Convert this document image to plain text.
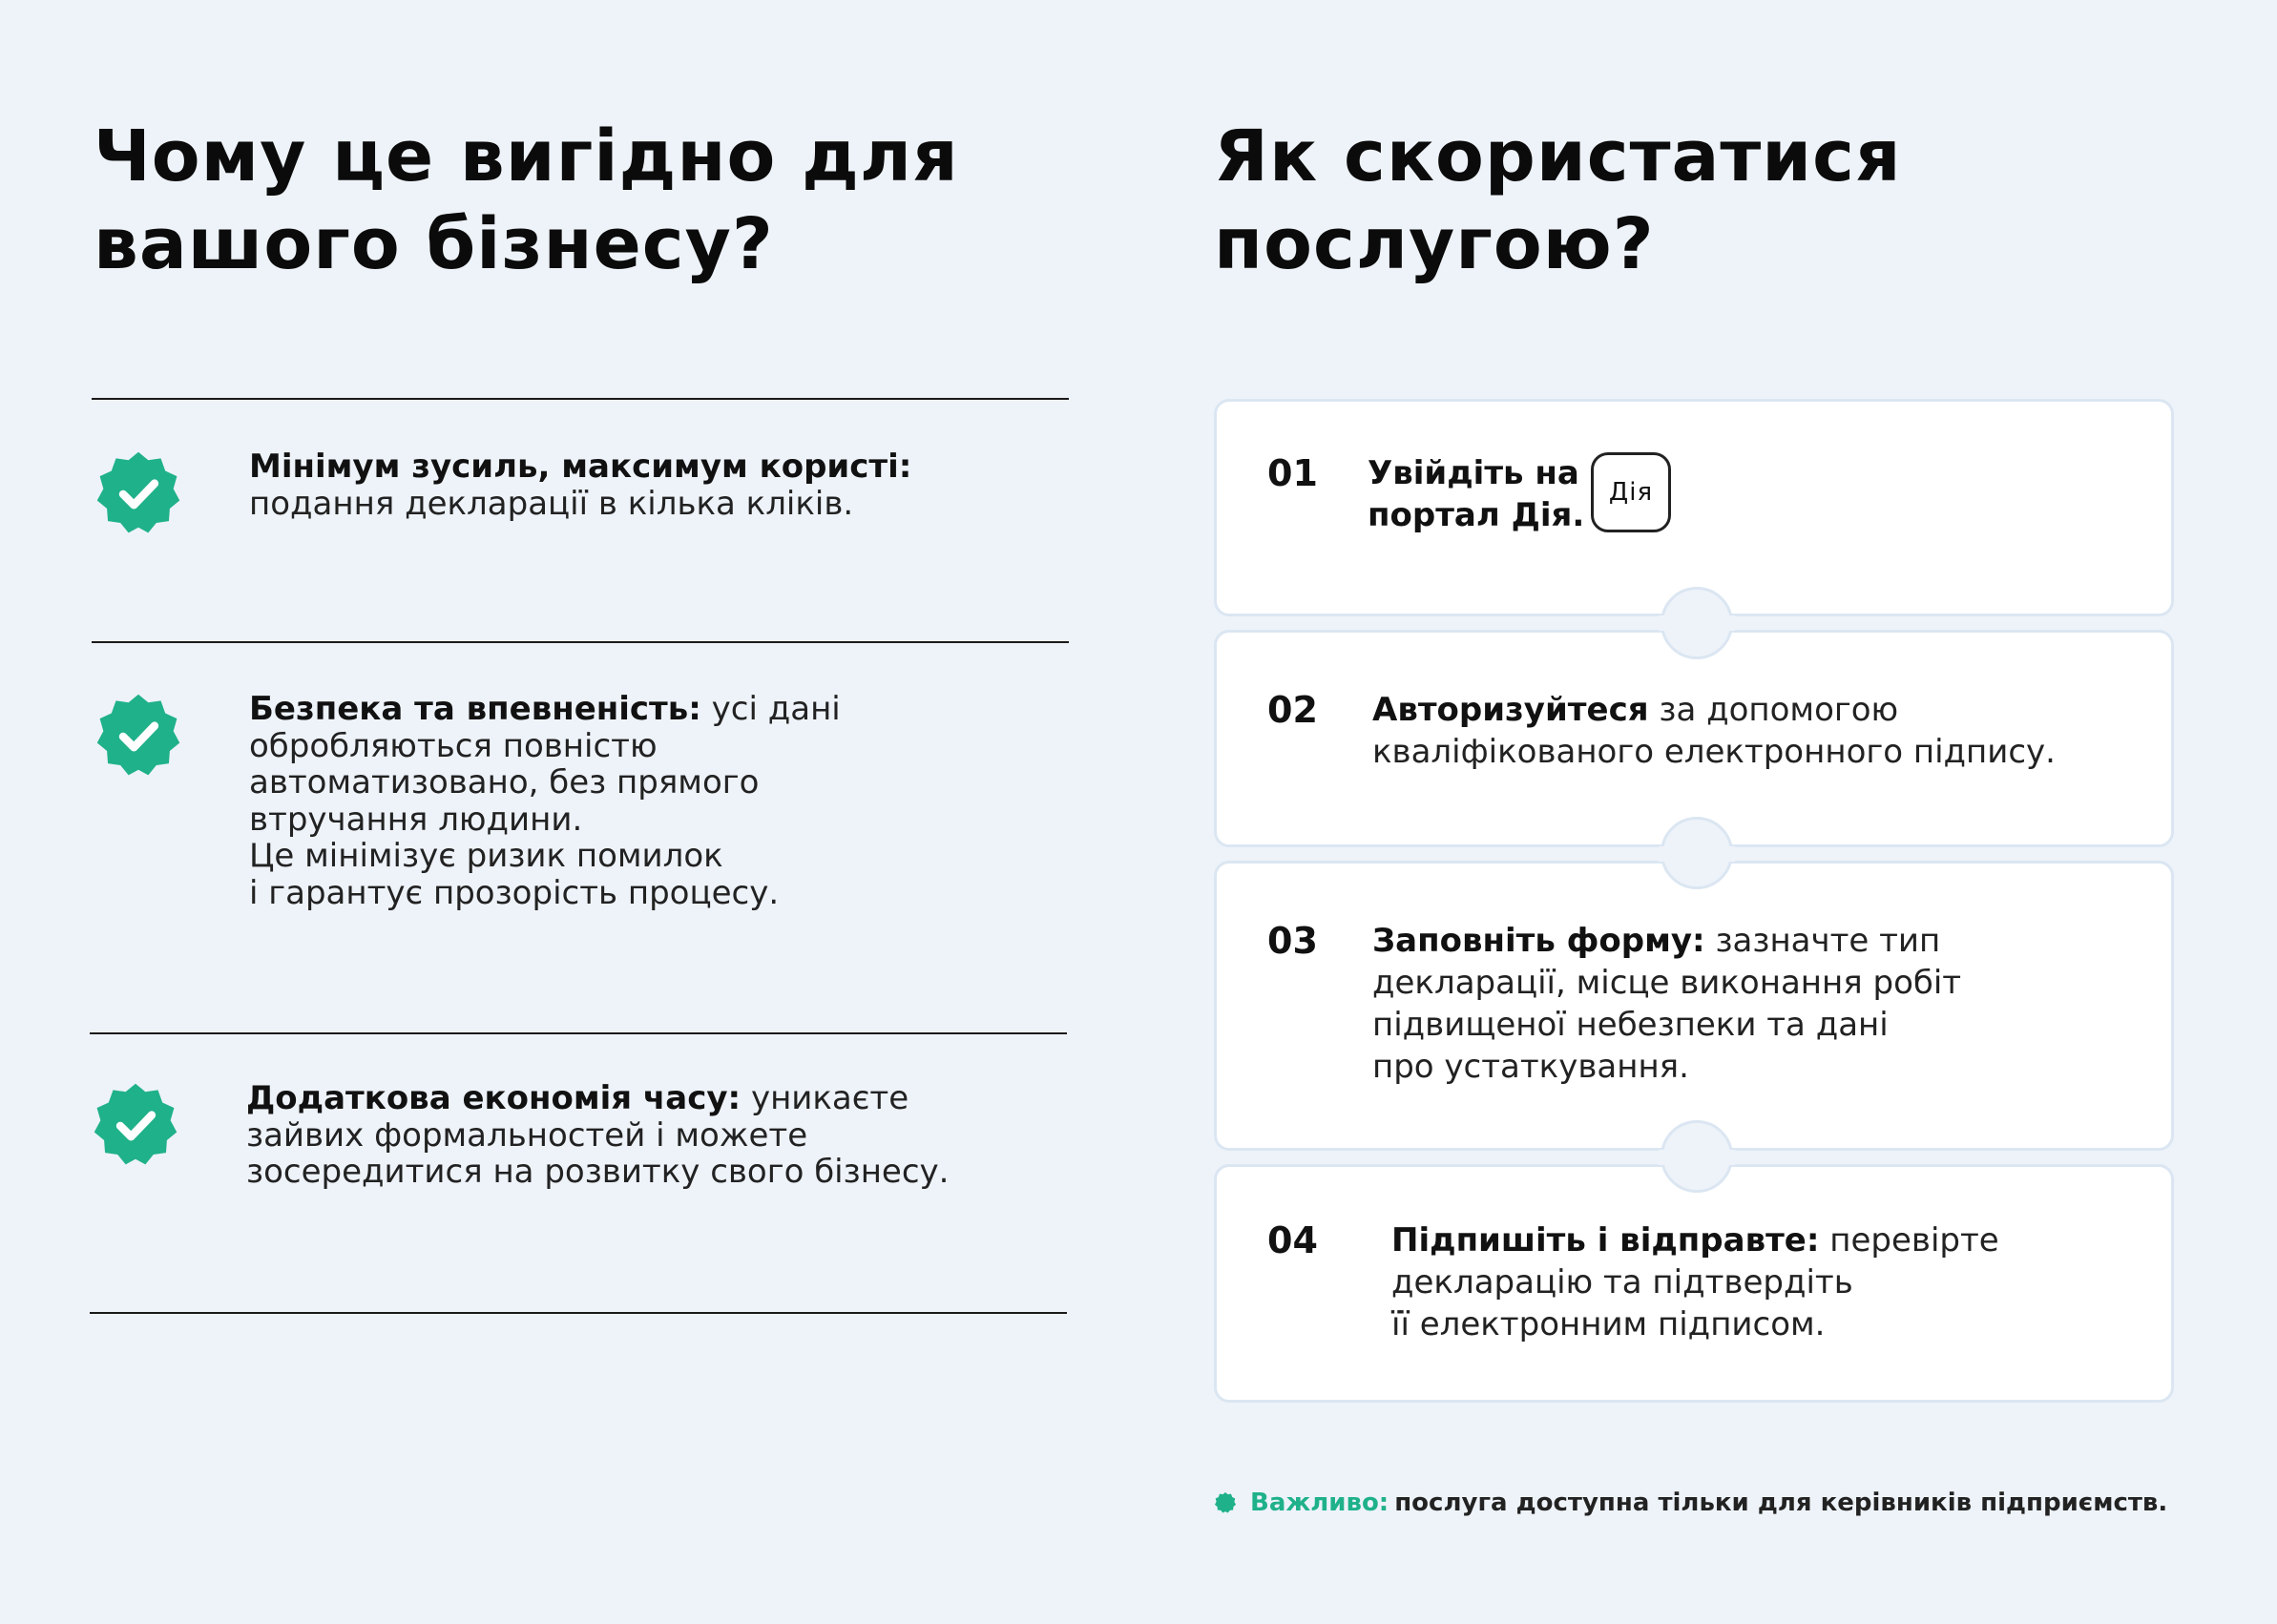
Чому це вигідно для
вашого бізнесу?
Як скористатися
послугою?
Мінімум зусиль, максимум користі:
подання декларації в кілька кліків.
Безпека та впевненість: усі дані
обробляються повністю
автоматизовано, без прямого
втручання людини.
Це мінімізує ризик помилок
і гарантує прозорість процесу.
Додаткова економія часу: уникаєте
зайвих формальностей і можете
зосередитися на розвитку свого бізнесу.
01 Увійдіть на
портал Дія.
Дія
02 Авторизуйтеся за допомогою
кваліфікованого електронного підпису.
03 Заповніть форму: зазначте тип
декларації, місце виконання робіт
підвищеної небезпеки та дані
про устаткування.
04 Підпишіть і відправте: перевірте
декларацію та підтвердіть
її електронним підписом.
Важливо: послуга доступна тільки для керівників підприємств.
